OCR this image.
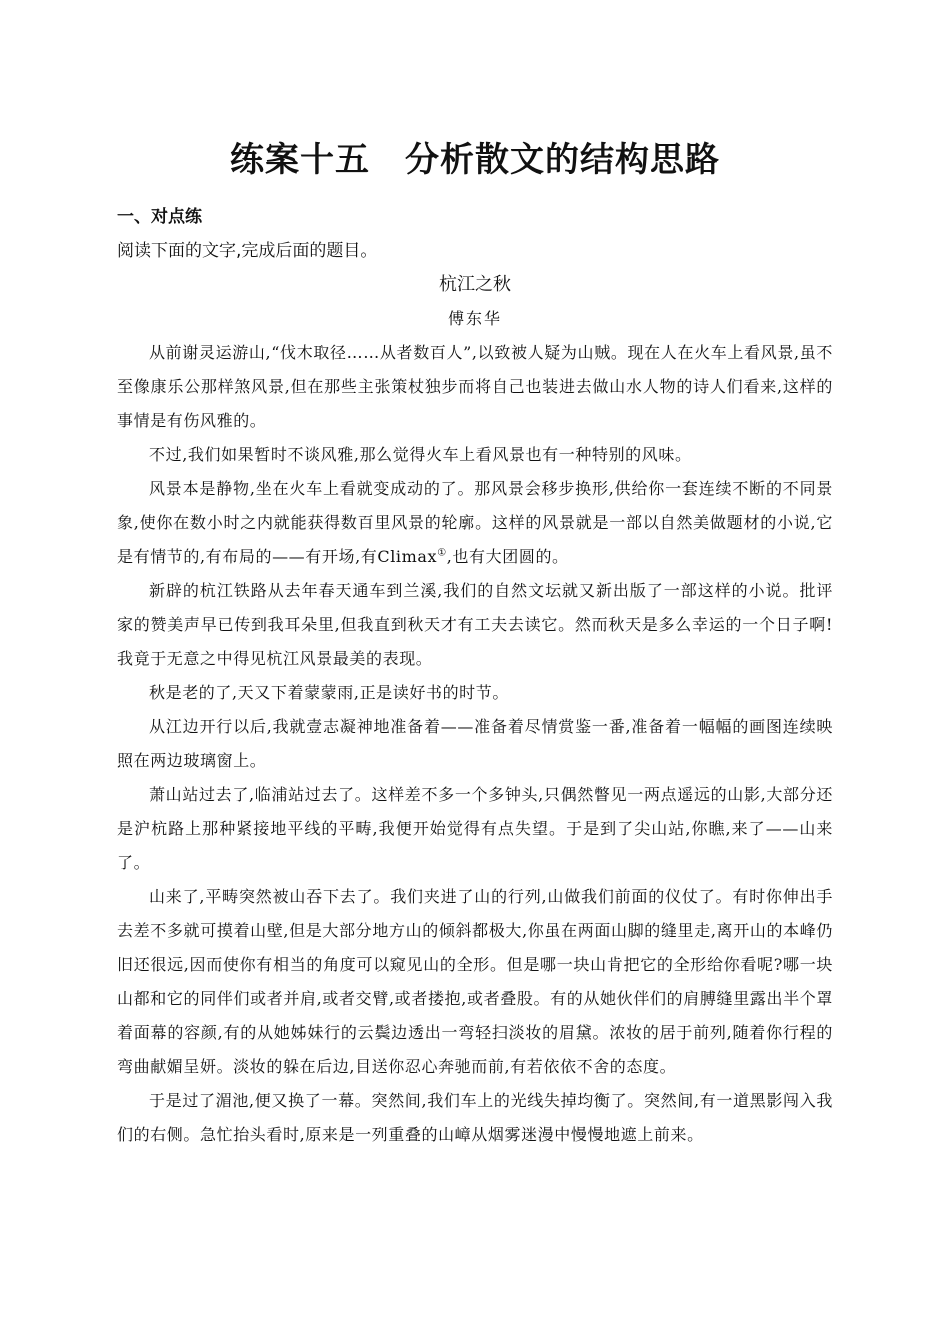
练案十五　分析散文的结构思路

一、对点练

阅读下面的文字,完成后面的题目。

杭江之秋

傅东华

从前谢灵运游山,“伐木取径……从者数百人”,以致被人疑为山贼。现在人在火车上看风景,虽不至像康乐公那样煞风景,但在那些主张策杖独步而将自己也装进去做山水人物的诗人们看来,这样的事情是有伤风雅的。

不过,我们如果暂时不谈风雅,那么觉得火车上看风景也有一种特别的风味。

风景本是静物,坐在火车上看就变成动的了。那风景会移步换形,供给你一套连续不断的不同景象,使你在数小时之内就能获得数百里风景的轮廓。这样的风景就是一部以自然美做题材的小说,它是有情节的,有布局的——有开场,有Climax①,也有大团圆的。

新辟的杭江铁路从去年春天通车到兰溪,我们的自然文坛就又新出版了一部这样的小说。批评家的赞美声早已传到我耳朵里,但我直到秋天才有工夫去读它。然而秋天是多么幸运的一个日子啊!我竟于无意之中得见杭江风景最美的表现。

秋是老的了,天又下着蒙蒙雨,正是读好书的时节。

从江边开行以后,我就壹志凝神地准备着——准备着尽情赏鉴一番,准备着一幅幅的画图连续映照在两边玻璃窗上。

萧山站过去了,临浦站过去了。这样差不多一个多钟头,只偶然瞥见一两点遥远的山影,大部分还是沪杭路上那种紧接地平线的平畴,我便开始觉得有点失望。于是到了尖山站,你瞧,来了——山来了。

山来了,平畴突然被山吞下去了。我们夹进了山的行列,山做我们前面的仪仗了。有时你伸出手去差不多就可摸着山壁,但是大部分地方山的倾斜都极大,你虽在两面山脚的缝里走,离开山的本峰仍旧还很远,因而使你有相当的角度可以窥见山的全形。但是哪一块山肯把它的全形给你看呢?哪一块山都和它的同伴们或者并肩,或者交臂,或者搂抱,或者叠股。有的从她伙伴们的肩膊缝里露出半个罩着面幕的容颜,有的从她姊妹行的云鬓边透出一弯轻扫淡妆的眉黛。浓妆的居于前列,随着你行程的弯曲献媚呈妍。淡妆的躲在后边,目送你忍心奔驰而前,有若依依不舍的态度。

于是过了湄池,便又换了一幕。突然间,我们车上的光线失掉均衡了。突然间,有一道黑影闯入我们的右侧。急忙抬头看时,原来是一列重叠的山嶂从烟雾迷漫中慢慢地遮上前来。
